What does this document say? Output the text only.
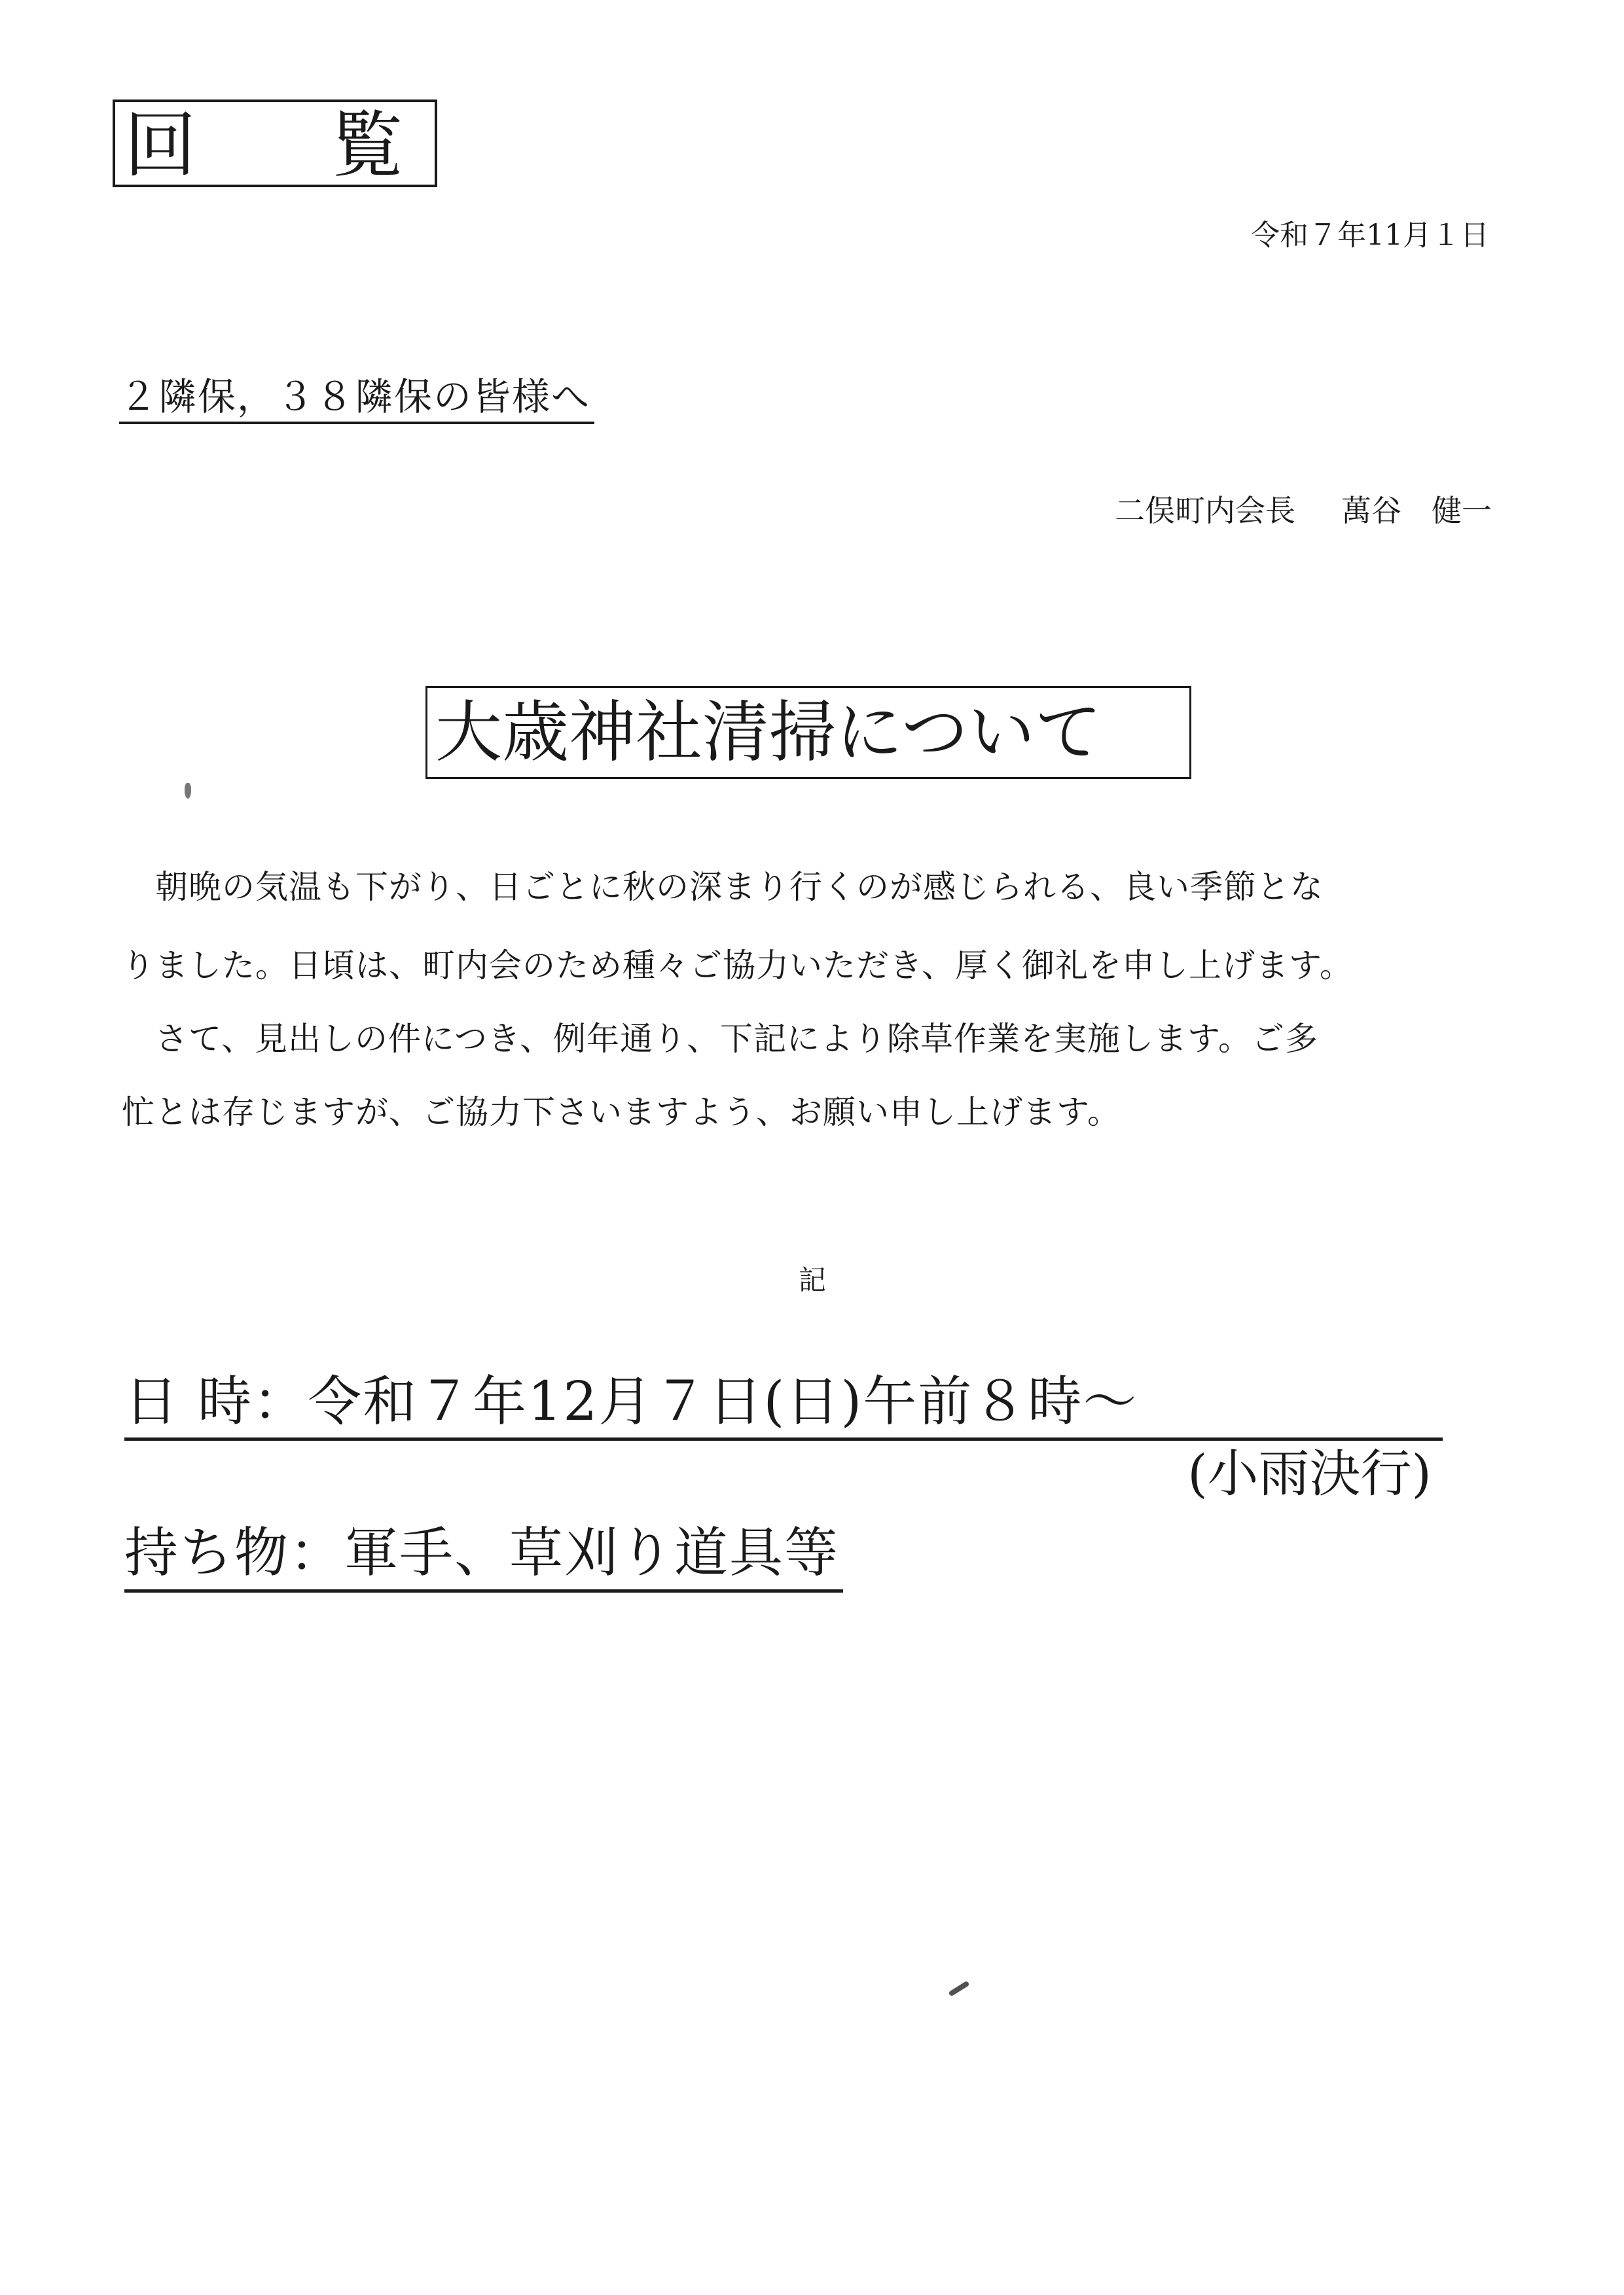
回 覧
令和７年11月１日
２隣保，３８隣保の皆様へ
二俣町内会長 萬谷 健一
大歳神社清掃について
　朝晩の気温も下がり、日ごとに秋の深まり行くのが感じられる、良い季節とな
りました。日頃は、町内会のため種々ご協力いただき、厚く御礼を申し上げます。
　さて、見出しの件につき、例年通り、下記により除草作業を実施します。ご多
忙とは存じますが、ご協力下さいますよう、お願い申し上げます。
記
日 時：令和７年12月７日(日)午前８時～
(小雨決行)
持ち物：軍手、草刈り道具等
